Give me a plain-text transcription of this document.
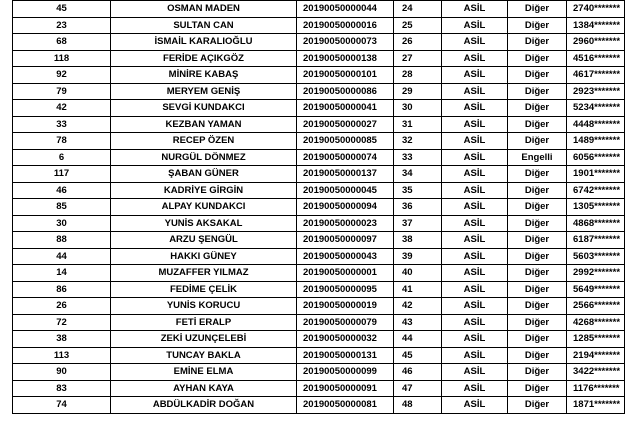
45	OSMAN MADEN	20190050000044	24	ASİL	Diğer	2740*******
23	SULTAN CAN	20190050000016	25	ASİL	Diğer	1384*******
68	İSMAİL KARALIOĞLU	20190050000073	26	ASİL	Diğer	2960*******
118	FERİDE AÇIKGÖZ	20190050000138	27	ASİL	Diğer	4516*******
92	MİNİRE KABAŞ	20190050000101	28	ASİL	Diğer	4617*******
79	MERYEM GENİŞ	20190050000086	29	ASİL	Diğer	2923*******
42	SEVGİ KUNDAKCI	20190050000041	30	ASİL	Diğer	5234*******
33	KEZBAN YAMAN	20190050000027	31	ASİL	Diğer	4448*******
78	RECEP ÖZEN	20190050000085	32	ASİL	Diğer	1489*******
6	NURGÜL DÖNMEZ	20190050000074	33	ASİL	Engelli	6056*******
117	ŞABAN GÜNER	20190050000137	34	ASİL	Diğer	1901*******
46	KADRİYE GİRGİN	20190050000045	35	ASİL	Diğer	6742*******
85	ALPAY KUNDAKCI	20190050000094	36	ASİL	Diğer	1305*******
30	YUNİS AKSAKAL	20190050000023	37	ASİL	Diğer	4868*******
88	ARZU ŞENGÜL	20190050000097	38	ASİL	Diğer	6187*******
44	HAKKI GÜNEY	20190050000043	39	ASİL	Diğer	5603*******
14	MUZAFFER YILMAZ	20190050000001	40	ASİL	Diğer	2992*******
86	FEDİME ÇELİK	20190050000095	41	ASİL	Diğer	5649*******
26	YUNİS KORUCU	20190050000019	42	ASİL	Diğer	2566*******
72	FETİ ERALP	20190050000079	43	ASİL	Diğer	4268*******
38	ZEKİ UZUNÇELEBİ	20190050000032	44	ASİL	Diğer	1285*******
113	TUNCAY BAKLA	20190050000131	45	ASİL	Diğer	2194*******
90	EMİNE ELMA	20190050000099	46	ASİL	Diğer	3422*******
83	AYHAN KAYA	20190050000091	47	ASİL	Diğer	1176*******
74	ABDÜLKADİR DOĞAN	20190050000081	48	ASİL	Diğer	1871*******
